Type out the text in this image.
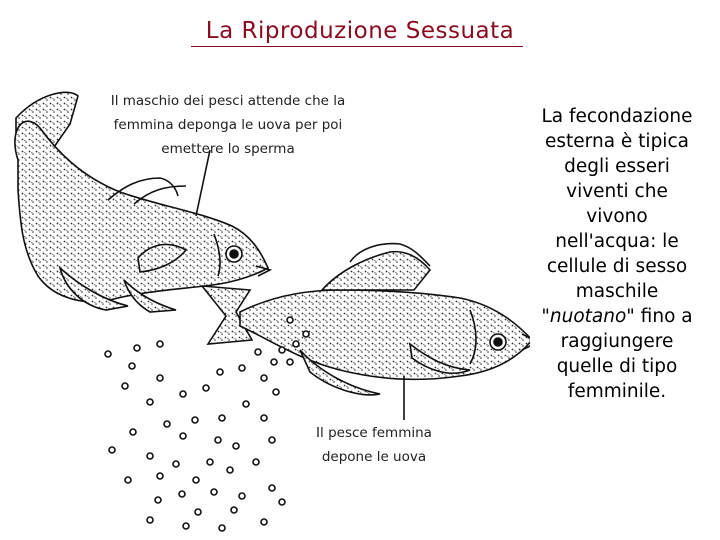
La Riproduzione Sessuata
Il maschio dei pesci attende che la femmina deponga le uova per poi emettere lo sperma
Il pesce femmina depone le uova
La fecondazione esterna è tipica degli esseri viventi che vivono nell'acqua: le cellule di sesso maschile "nuotano" fino a raggiungere quelle di tipo femminile.
